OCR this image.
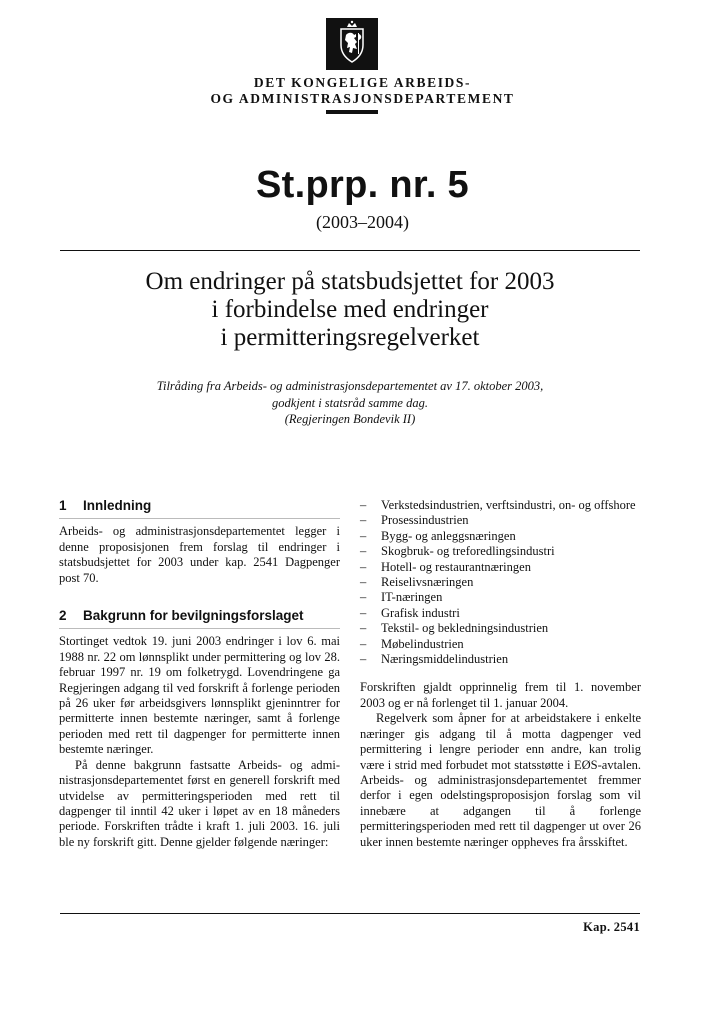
DET KONGELIGE ARBEIDS-
OG ADMINISTRASJONSDEPARTEMENT
St.prp. nr. 5
(2003–2004)
Om endringer på statsbudsjettet for 2003
i forbindelse med endringer
i permitteringsregelverket
Tilråding fra Arbeids- og administrasjonsdepartementet av 17. oktober 2003,
godkjent i statsråd samme dag.
(Regjeringen Bondevik II)
1 Innledning

Arbeids- og administrasjonsdepartementet legger i denne proposisjonen frem forslag til endringer i statsbudsjettet for 2003 under kap. 2541 Dagpenger post 70.

2 Bakgrunn for bevilgningsforslaget

Stortinget vedtok 19. juni 2003 endringer i lov 6. mai 1988 nr. 22 om lønnsplikt under permittering og lov 28. februar 1997 nr. 19 om folketrygd. Lovendringene ga Regjeringen adgang til ved forskrift å forlenge perioden på 26 uker før arbeidsgivers lønnsplikt gjeninntrer for permitterte innen bestemte næringer, samt å forlenge perioden med rett til dagpenger for permitterte innen bestemte næringer.

På denne bakgrunn fastsatte Arbeids- og administrasjonsdepartementet først en generell forskrift med utvidelse av permitteringsperioden med rett til dagpenger til inntil 42 uker i løpet av en 18 måneders periode. Forskriften trådte i kraft 1. juli 2003. 16. juli ble ny forskrift gitt. Denne gjelder følgende næringer:

– Verkstedsindustrien, verftsindustri, on- og offshore
– Prosessindustrien
– Bygg- og anleggsnæringen
– Skogbruk- og treforedlingsindustri
– Hotell- og restaurantnæringen
– Reiselivsnæringen
– IT-næringen
– Grafisk industri
– Tekstil- og bekledningsindustrien
– Møbelindustrien
– Næringsmiddelindustrien

Forskriften gjaldt opprinnelig frem til 1. november 2003 og er nå forlenget til 1. januar 2004.

Regelverk som åpner for at arbeidstakere i enkelte næringer gis adgang til å motta dagpenger ved permittering i lengre perioder enn andre, kan trolig være i strid med forbudet mot statsstøtte i EØS-avtalen. Arbeids- og administrasjonsdepartementet fremmer derfor i egen odelstingsproposisjon forslag som vil innebære at adgangen til å forlenge permitteringsperioden med rett til dagpenger ut over 26 uker innen bestemte næringer oppheves fra årsskiftet.

Kap. 2541
